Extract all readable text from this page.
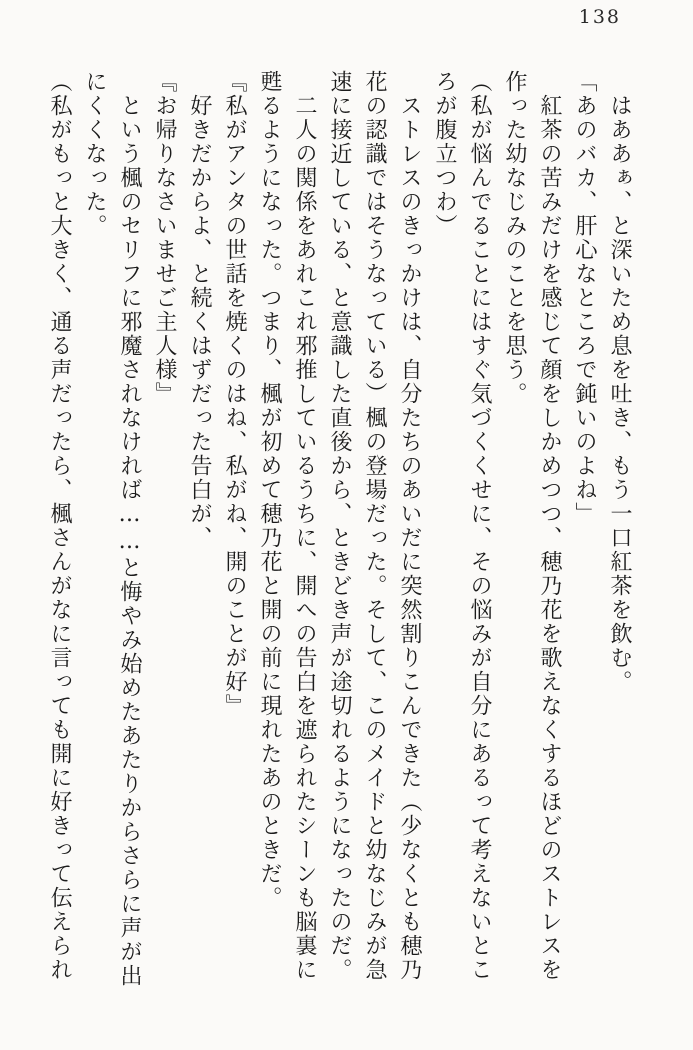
138

　はああぁ、と深いため息を吐き、もう一口紅茶を飲む。

「あのバカ、肝心なところで鈍いのよね」

　紅茶の苦みだけを感じて顔をしかめつつ、穂乃花を歌えなくするほどのストレスを

作った幼なじみのことを思う。

（私が悩んでることにはすぐ気づくくせに、その悩みが自分にあるって考えないとこ

ろが腹立つわ）

　ストレスのきっかけは、自分たちのあいだに突然割りこんできた（少なくとも穂乃

花の認識ではそうなっている）楓の登場だった。そして、このメイドと幼なじみが急

速に接近している、と意識した直後から、ときどき声が途切れるようになったのだ。

　二人の関係をあれこれ邪推しているうちに、開への告白を遮られたシーンも脳裏に

甦るようになった。つまり、楓が初めて穂乃花と開の前に現れたあのときだ。

『私がアンタの世話を焼くのはね、私がね、開のことが好』

　好きだからよ、と続くはずだった告白が、

『お帰りなさいませご主人様』

　という楓のセリフに邪魔されなければ……と悔やみ始めたあたりからさらに声が出

にくくなった。

（私がもっと大きく、通る声だったら、楓さんがなに言っても開に好きって伝えられ
